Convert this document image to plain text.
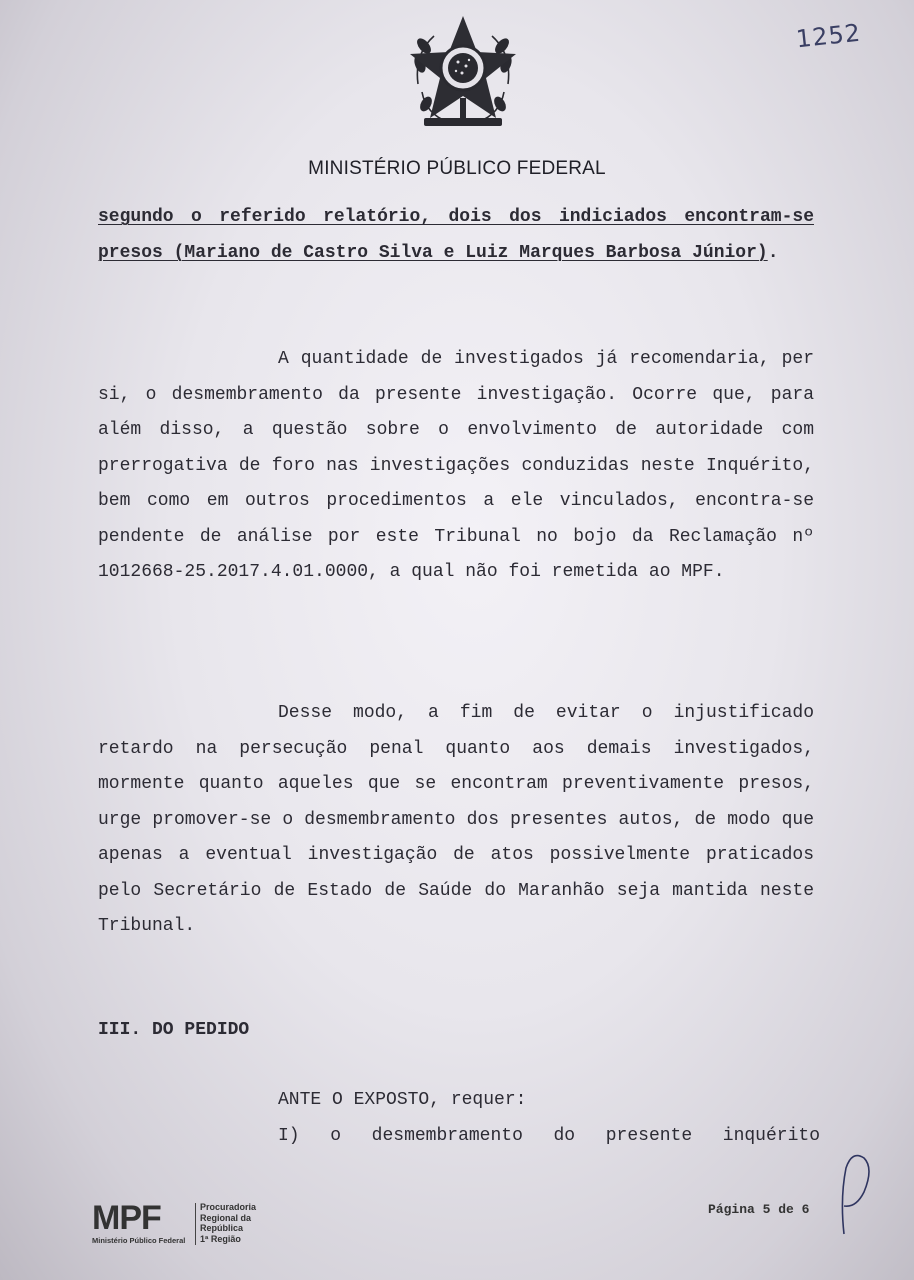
1252
MINISTÉRIO PÚBLICO FEDERAL

segundo o referido relatório, dois dos indiciados encontram-se presos (Mariano de Castro Silva e Luiz Marques Barbosa Júnior).

A quantidade de investigados já recomendaria, per si, o desmembramento da presente investigação. Ocorre que, para além disso, a questão sobre o envolvimento de autoridade com prerrogativa de foro nas investigações conduzidas neste Inquérito, bem como em outros procedimentos a ele vinculados, encontra-se pendente de análise por este Tribunal no bojo da Reclamação nº 1012668-25.2017.4.01.0000, a qual não foi remetida ao MPF.

Desse modo, a fim de evitar o injustificado retardo na persecução penal quanto aos demais investigados, mormente quanto aqueles que se encontram preventivamente presos, urge promover-se o desmembramento dos presentes autos, de modo que apenas a eventual investigação de atos possivelmente praticados pelo Secretário de Estado de Saúde do Maranhão seja mantida neste Tribunal.

III. DO PEDIDO
ANTE O EXPOSTO, requer:
I) o desmembramento do presente inquérito
MPF
Ministério Público Federal
Procuradoria
Regional da
República
1ª Região
Página 5 de 6
